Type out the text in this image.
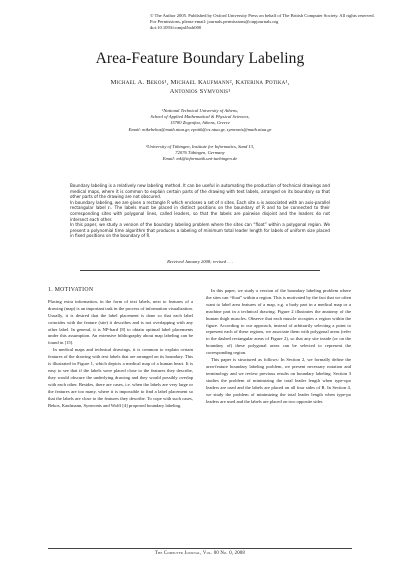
© The Author 2005. Published by Oxford University Press on behalf of The British Computer Society. All rights reserved.
For Permissions, please email: journals.permissions@oupjournals.org
doi:10.1093/comjnl/bxh000
Area-Feature Boundary Labeling
Michael A. Bekos¹, Michael Kaufmann², Katerina Potika¹,
Antonios Symvonis¹
¹National Technical University of Athens,
School of Applied Mathematical & Physical Sciences,
15780 Zografou, Athens, Greece
Email: mikebekos@math.ntua.gr, epotik@cs.ntua.gr, symvonis@math.ntua.gr
²University of Tübingen, Institute for Informatics, Sand 13,
72076 Tübingen, Germany
Email: mk@informatik.uni-tuebingen.de

Boundary labeling is a relatively new labeling method. It can be useful in automating the production of technical drawings and medical maps, where it is common to explain certain parts of the drawing with text labels, arranged on its boundary so that other parts of the drawing are not obscured.

In boundary labeling, we are given a rectangle R which encloses a set of n sites. Each site sᵢ is associated with an axis-parallel rectangular label ℓᵢ. The labels must be placed in distinct positions on the boundary of R and to be connected to their corresponding sites with polygonal lines, called leaders, so that the labels are pairwise disjoint and the leaders do not intersect each other.

In this paper, we study a version of the boundary labeling problem where the sites can “float” within a polygonal region. We present a polynomial time algorithm that produces a labeling of minimum total leader length for labels of uniform size placed in fixed positions on the boundary of R.

Received January 2008; revised . . .
1. MOTIVATION

Placing extra information, in the form of text labels, next to features of a drawing (map) is an important task in the process of information visualization. Usually, it is desired that the label placement is done so that each label coincides with the feature (site) it describes and is not overlapping with any other label. In general, it is NP-hard [8] to obtain optimal label placements under this assumption. An extensive bibliography about map labeling can be found in [15].

In medical maps and technical drawings, it is common to explain certain features of the drawing with text labels that are arranged on its boundary. This is illustrated in Figure 1, which depicts a medical map of a human heart. It is easy to see that if the labels were placed close to the features they describe, they would obscure the underlying drawing and they would possibly overlap with each other. Besides, there are cases, i.e. when the labels are very large or the features are too many, where it is impossible to find a label placement so that the labels are close to the features they describe. To cope with such cases, Bekos, Kaufmann, Symvonis and Wolff [4] proposed boundary labeling.

In this paper, we study a version of the boundary labeling problem where the sites can “float” within a region. This is motivated by the fact that we often want to label area features of a map, e.g. a body part in a medical map or a machine part in a technical drawing. Figure 2 illustrates the anatomy of the human thigh muscles. Observe that each muscle occupies a region within the figure. According to our approach, instead of arbitrarily selecting a point to represent each of these regions, we associate them with polygonal areas (refer to the dashed rectangular areas of Figure 2), so that any site inside (or on the boundary of) these polygonal areas can be selected to represent the corresponding region.

This paper is structured as follows: In Section 2, we formally define the area-feature boundary labeling problem, we present necessary notation and terminology and we review previous results on boundary labeling. Section 3 studies the problem of minimizing the total leader length when type-opo leaders are used and the labels are placed on all four sides of R. In Section 4, we study the problem of minimizing the total leader length when type-po leaders are used and the labels are placed on two opposite sides

The Computer Journal, Vol. 00 No. 0, 2008
